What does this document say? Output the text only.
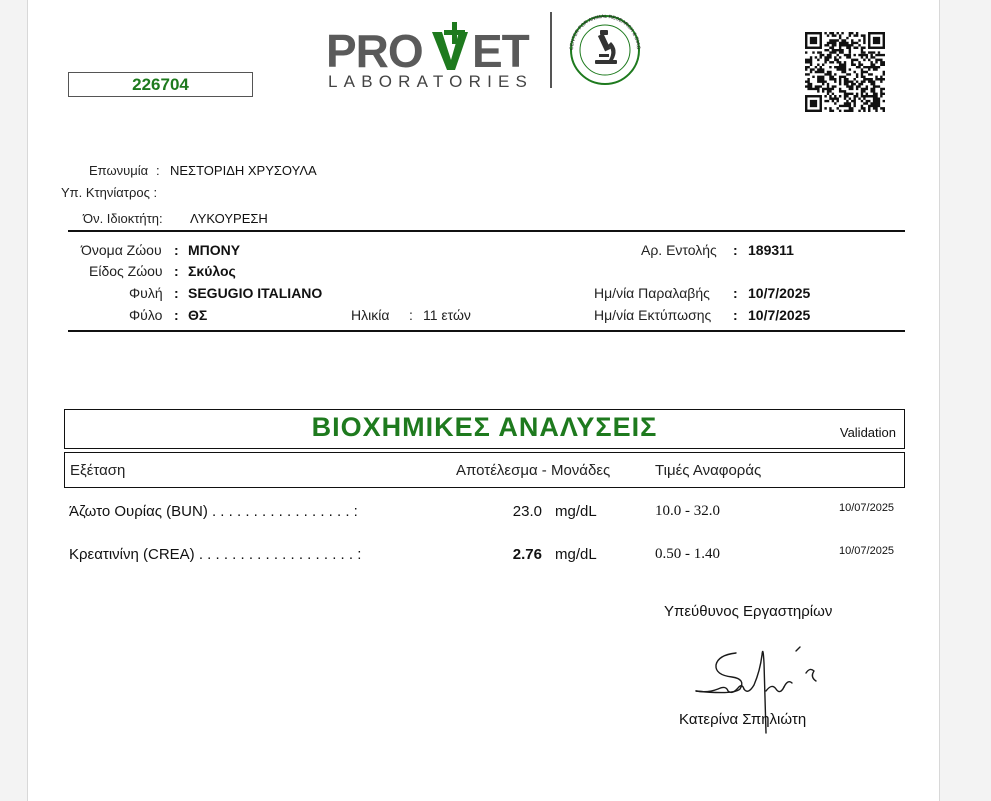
226704
PRO ET
LABORATORIES
CENTER FOR ANIMAL RESEARCH & DIAG
Επωνυμία : ΝΕΣΤΟΡΙΔΗ ΧΡΥΣΟΥΛΑ
Υπ. Κτηνίατρος :
Όν. Ιδιοκτήτη: ΛΥΚΟΥΡΕΣΗ
Όνομα Ζώου : ΜΠΟΝΥ
Είδος Ζώου : Σκύλος
Φυλή : SEGUGIO ITALIANO
Φύλο : ΘΣ	Ηλικία : 11 ετών
Αρ. Εντολής : 189311
Ημ/νία Παραλαβής : 10/7/2025
Ημ/νία Εκτύπωσης : 10/7/2025
ΒΙΟΧΗΜΙΚΕΣ ΑΝΑΛΥΣΕΙΣ	Validation
Εξέταση	Αποτέλεσμα - Μονάδες	Τιμές Αναφοράς
Άζωτο Ουρίας (BUN) . . . . . . . . . . . . . . . . . :	23.0 mg/dL	10.0 - 32.0	10/07/2025
Κρεατινίνη (CREA) . . . . . . . . . . . . . . . . . . . :	2.76 mg/dL	0.50 - 1.40	10/07/2025
Υπεύθυνος Εργαστηρίων
Κατερίνα Σπηλιώτη
